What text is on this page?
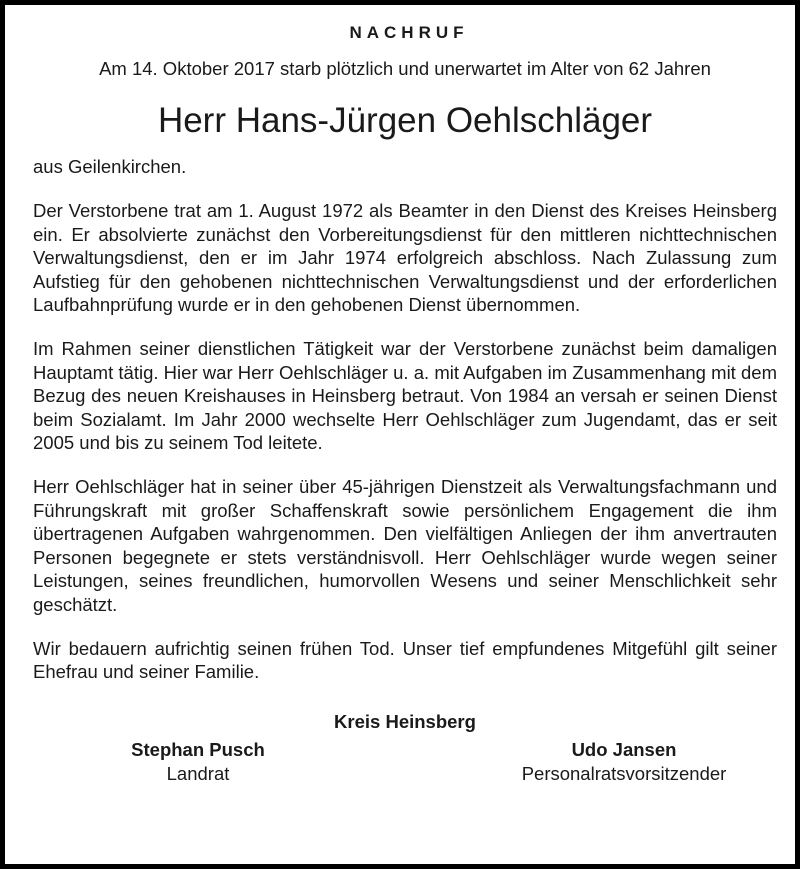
NACHRUF

Am 14. Oktober 2017 starb plötzlich und unerwartet im Alter von 62 Jahren

Herr Hans-Jürgen Oehlschläger

aus Geilenkirchen.

Der Verstorbene trat am 1. August 1972 als Beamter in den Dienst des Kreises Heinsberg ein. Er absolvierte zunächst den Vorbereitungsdienst für den mittleren nichttechnischen Verwaltungsdienst, den er im Jahr 1974 erfolgreich abschloss. Nach Zulassung zum Aufstieg für den gehobenen nichttechnischen Verwaltungsdienst und der erforderlichen Laufbahnprüfung wurde er in den gehobenen Dienst übernommen.

Im Rahmen seiner dienstlichen Tätigkeit war der Verstorbene zunächst beim damaligen Hauptamt tätig. Hier war Herr Oehlschläger u. a. mit Aufgaben im Zusammenhang mit dem Bezug des neuen Kreishauses in Heinsberg betraut. Von 1984 an versah er seinen Dienst beim Sozialamt. Im Jahr 2000 wechselte Herr Oehlschläger zum Jugendamt, das er seit 2005 und bis zu seinem Tod leitete.

Herr Oehlschläger hat in seiner über 45-jährigen Dienstzeit als Verwaltungsfachmann und Führungskraft mit großer Schaffenskraft sowie persönlichem Engagement die ihm übertragenen Aufgaben wahrgenommen. Den vielfältigen Anliegen der ihm anvertrauten Personen begegnete er stets verständnisvoll. Herr Oehlschläger wurde wegen seiner Leistungen, seines freundlichen, humorvollen Wesens und seiner Menschlichkeit sehr geschätzt.

Wir bedauern aufrichtig seinen frühen Tod. Unser tief empfundenes Mitgefühl gilt seiner Ehefrau und seiner Familie.

Kreis Heinsberg

Stephan Pusch
Landrat
Udo Jansen
Personalratsvorsitzender
